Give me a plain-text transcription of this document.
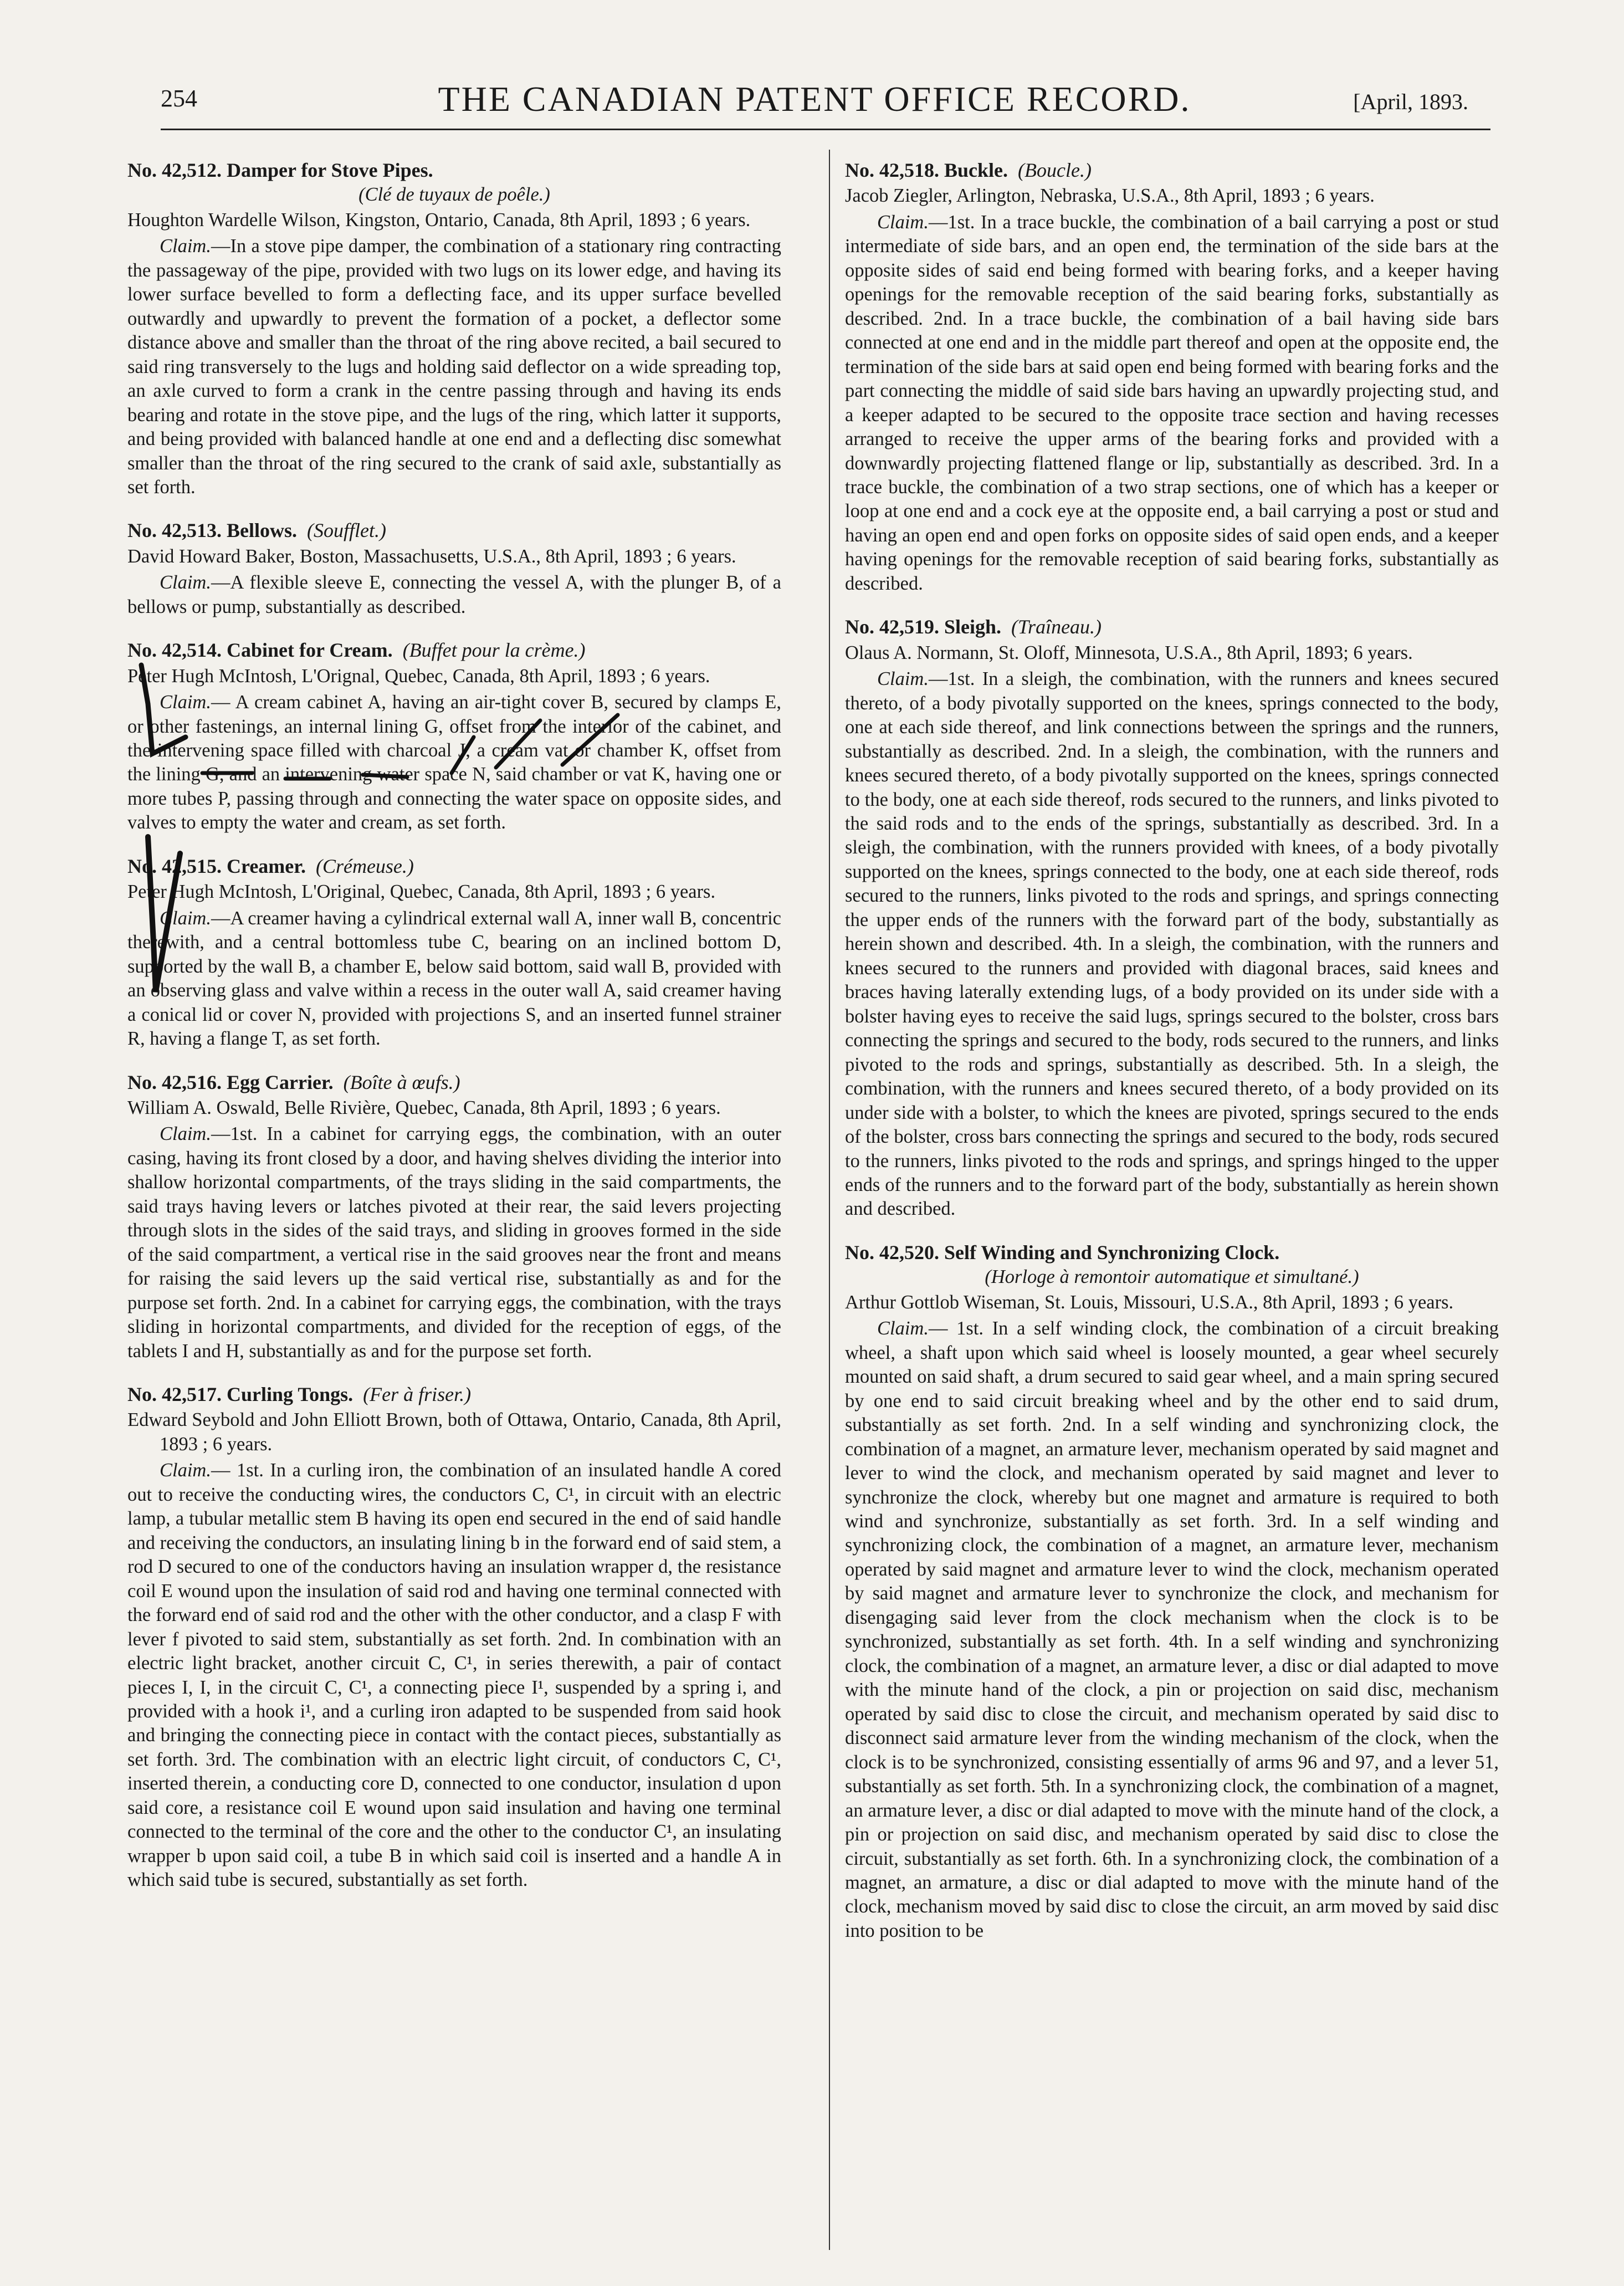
254	THE CANADIAN PATENT OFFICE RECORD.	[April, 1893.
No. 42,512. Damper for Stove Pipes.
(Clé de tuyaux de poêle.)
Houghton Wardelle Wilson, Kingston, Ontario, Canada, 8th April, 1893 ; 6 years.
Claim.—In a stove pipe damper, the combination of a stationary ring contracting the passageway of the pipe, provided with two lugs on its lower edge, and having its lower surface bevelled to form a deflecting face, and its upper surface bevelled outwardly and upwardly to prevent the formation of a pocket, a deflector some distance above and smaller than the throat of the ring above recited, a bail secured to said ring transversely to the lugs and holding said deflector on a wide spreading top, an axle curved to form a crank in the centre passing through and having its ends bearing and rotate in the stove pipe, and the lugs of the ring, which latter it supports, and being provided with balanced handle at one end and a deflecting disc somewhat smaller than the throat of the ring secured to the crank of said axle, substantially as set forth.
No. 42,513. Bellows. (Soufflet.)
David Howard Baker, Boston, Massachusetts, U.S.A., 8th April, 1893 ; 6 years.
Claim.—A flexible sleeve E, connecting the vessel A, with the plunger B, of a bellows or pump, substantially as described.
No. 42,514. Cabinet for Cream. (Buffet pour la crème.)
Peter Hugh McIntosh, L'Orignal, Quebec, Canada, 8th April, 1893 ; 6 years.
Claim.— A cream cabinet A, having an air-tight cover B, secured by clamps E, or other fastenings, an internal lining G, offset from the interior of the cabinet, and the intervening space filled with charcoal J, a cream vat or chamber K, offset from the lining G, and an intervening water space N, said chamber or vat K, having one or more tubes P, passing through and connecting the water space on opposite sides, and valves to empty the water and cream, as set forth.
No. 42,515. Creamer. (Crémeuse.)
Peter Hugh McIntosh, L'Original, Quebec, Canada, 8th April, 1893 ; 6 years.
Claim.—A creamer having a cylindrical external wall A, inner wall B, concentric therewith, and a central bottomless tube C, bearing on an inclined bottom D, supported by the wall B, a chamber E, below said bottom, said wall B, provided with an observing glass and valve within a recess in the outer wall A, said creamer having a conical lid or cover N, provided with projections S, and an inserted funnel strainer R, having a flange T, as set forth.
No. 42,516. Egg Carrier. (Boîte à œufs.)
William A. Oswald, Belle Rivière, Quebec, Canada, 8th April, 1893 ; 6 years.
Claim.—1st. In a cabinet for carrying eggs, the combination, with an outer casing, having its front closed by a door, and having shelves dividing the interior into shallow horizontal compartments, of the trays sliding in the said compartments, the said trays having levers or latches pivoted at their rear, the said levers projecting through slots in the sides of the said trays, and sliding in grooves formed in the side of the said compartment, a vertical rise in the said grooves near the front and means for raising the said levers up the said vertical rise, substantially as and for the purpose set forth. 2nd. In a cabinet for carrying eggs, the combination, with the trays sliding in horizontal compartments, and divided for the reception of eggs, of the tablets I and H, substantially as and for the purpose set forth.
No. 42,517. Curling Tongs. (Fer à friser.)
Edward Seybold and John Elliott Brown, both of Ottawa, Ontario, Canada, 8th April, 1893 ; 6 years.
Claim.— 1st. In a curling iron, the combination of an insulated handle A cored out to receive the conducting wires, the conductors C, C¹, in circuit with an electric lamp, a tubular metallic stem B having its open end secured in the end of said handle and receiving the conductors, an insulating lining b in the forward end of said stem, a rod D secured to one of the conductors having an insulation wrapper d, the resistance coil E wound upon the insulation of said rod and having one terminal connected with the forward end of said rod and the other with the other conductor, and a clasp F with lever f pivoted to said stem, substantially as set forth. 2nd. In combination with an electric light bracket, another circuit C, C¹, in series therewith, a pair of contact pieces I, I, in the circuit C, C¹, a connecting piece I¹, suspended by a spring i, and provided with a hook i¹, and a curling iron adapted to be suspended from said hook and bringing the connecting piece in contact with the contact pieces, substantially as set forth. 3rd. The combination with an electric light circuit, of conductors C, C¹, inserted therein, a conducting core D, connected to one conductor, insulation d upon said core, a resistance coil E wound upon said insulation and having one terminal connected to the terminal of the core and the other to the conductor C¹, an insulating wrapper b upon said coil, a tube B in which said coil is inserted and a handle A in which said tube is secured, substantially as set forth.
No. 42,518. Buckle. (Boucle.)
Jacob Ziegler, Arlington, Nebraska, U.S.A., 8th April, 1893 ; 6 years.
Claim.—1st. In a trace buckle, the combination of a bail carrying a post or stud intermediate of side bars, and an open end, the termination of the side bars at the opposite sides of said end being formed with bearing forks, and a keeper having openings for the removable reception of the said bearing forks, substantially as described. 2nd. In a trace buckle, the combination of a bail having side bars connected at one end and in the middle part thereof and open at the opposite end, the termination of the side bars at said open end being formed with bearing forks and the part connecting the middle of said side bars having an upwardly projecting stud, and a keeper adapted to be secured to the opposite trace section and having recesses arranged to receive the upper arms of the bearing forks and provided with a downwardly projecting flattened flange or lip, substantially as described. 3rd. In a trace buckle, the combination of a two strap sections, one of which has a keeper or loop at one end and a cock eye at the opposite end, a bail carrying a post or stud and having an open end and open forks on opposite sides of said open ends, and a keeper having openings for the removable reception of said bearing forks, substantially as described.
No. 42,519. Sleigh. (Traîneau.)
Olaus A. Normann, St. Oloff, Minnesota, U.S.A., 8th April, 1893; 6 years.
Claim.—1st. In a sleigh, the combination, with the runners and knees secured thereto, of a body pivotally supported on the knees, springs connected to the body, one at each side thereof, and link connections between the springs and the runners, substantially as described. 2nd. In a sleigh, the combination, with the runners and knees secured thereto, of a body pivotally supported on the knees, springs connected to the body, one at each side thereof, rods secured to the runners, and links pivoted to the said rods and to the ends of the springs, substantially as described. 3rd. In a sleigh, the combination, with the runners provided with knees, of a body pivotally supported on the knees, springs connected to the body, one at each side thereof, rods secured to the runners, links pivoted to the rods and springs, and springs connecting the upper ends of the runners with the forward part of the body, substantially as herein shown and described. 4th. In a sleigh, the combination, with the runners and knees secured to the runners and provided with diagonal braces, said knees and braces having laterally extending lugs, of a body provided on its under side with a bolster having eyes to receive the said lugs, springs secured to the bolster, cross bars connecting the springs and secured to the body, rods secured to the runners, and links pivoted to the rods and springs, substantially as described. 5th. In a sleigh, the combination, with the runners and knees secured thereto, of a body provided on its under side with a bolster, to which the knees are pivoted, springs secured to the ends of the bolster, cross bars connecting the springs and secured to the body, rods secured to the runners, links pivoted to the rods and springs, and springs hinged to the upper ends of the runners and to the forward part of the body, substantially as herein shown and described.
No. 42,520. Self Winding and Synchronizing Clock.
(Horloge à remontoir automatique et simultané.)
Arthur Gottlob Wiseman, St. Louis, Missouri, U.S.A., 8th April, 1893 ; 6 years.
Claim.— 1st. In a self winding clock, the combination of a circuit breaking wheel, a shaft upon which said wheel is loosely mounted, a gear wheel securely mounted on said shaft, a drum secured to said gear wheel, and a main spring secured by one end to said circuit breaking wheel and by the other end to said drum, substantially as set forth. 2nd. In a self winding and synchronizing clock, the combination of a magnet, an armature lever, mechanism operated by said magnet and lever to wind the clock, and mechanism operated by said magnet and lever to synchronize the clock, whereby but one magnet and armature is required to both wind and synchronize, substantially as set forth. 3rd. In a self winding and synchronizing clock, the combination of a magnet, an armature lever, mechanism operated by said magnet and armature lever to wind the clock, mechanism operated by said magnet and armature lever to synchronize the clock, and mechanism for disengaging said lever from the clock mechanism when the clock is to be synchronized, substantially as set forth. 4th. In a self winding and synchronizing clock, the combination of a magnet, an armature lever, a disc or dial adapted to move with the minute hand of the clock, a pin or projection on said disc, mechanism operated by said disc to close the circuit, and mechanism operated by said disc to disconnect said armature lever from the winding mechanism of the clock, when the clock is to be synchronized, consisting essentially of arms 96 and 97, and a lever 51, substantially as set forth. 5th. In a synchronizing clock, the combination of a magnet, an armature lever, a disc or dial adapted to move with the minute hand of the clock, a pin or projection on said disc, and mechanism operated by said disc to close the circuit, substantially as set forth. 6th. In a synchronizing clock, the combination of a magnet, an armature, a disc or dial adapted to move with the minute hand of the clock, mechanism moved by said disc to close the circuit, an arm moved by said disc into position to be
